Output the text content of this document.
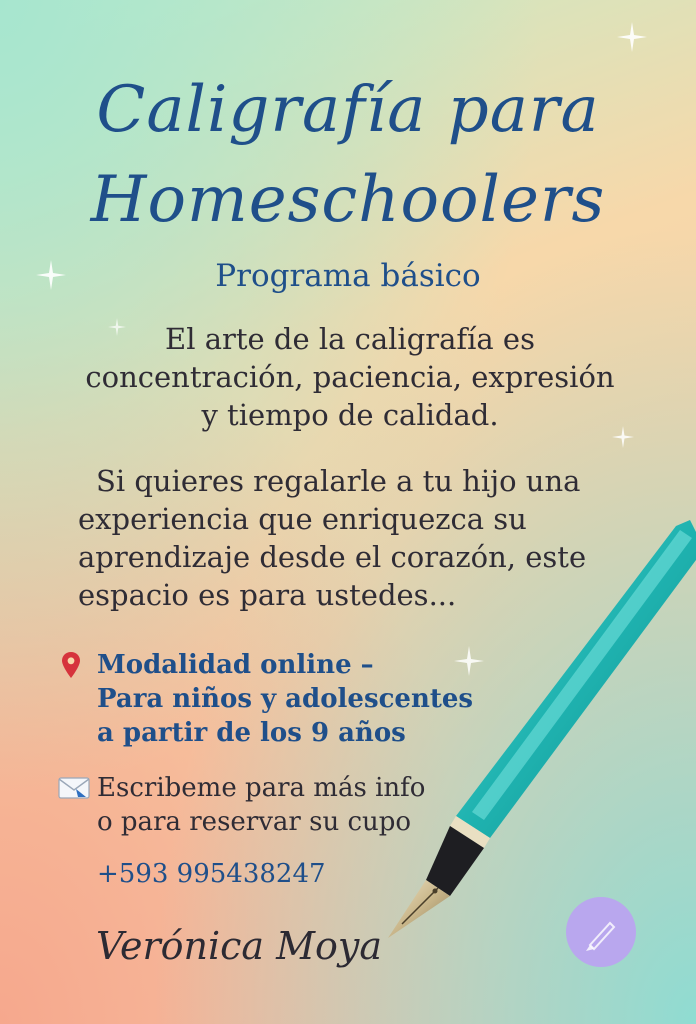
Caligrafía para
Homeschoolers
Programa básico
El arte de la caligrafía es
concentración, paciencia, expresión
y tiempo de calidad.
Si quieres regalarle a tu hijo una
experiencia que enriquezca su
aprendizaje desde el corazón, este
espacio es para ustedes...
Modalidad online –
Para niños y adolescentes
a partir de los 9 años
Escribeme para más info
o para reservar su cupo
+593 995438247
Verónica Moya
